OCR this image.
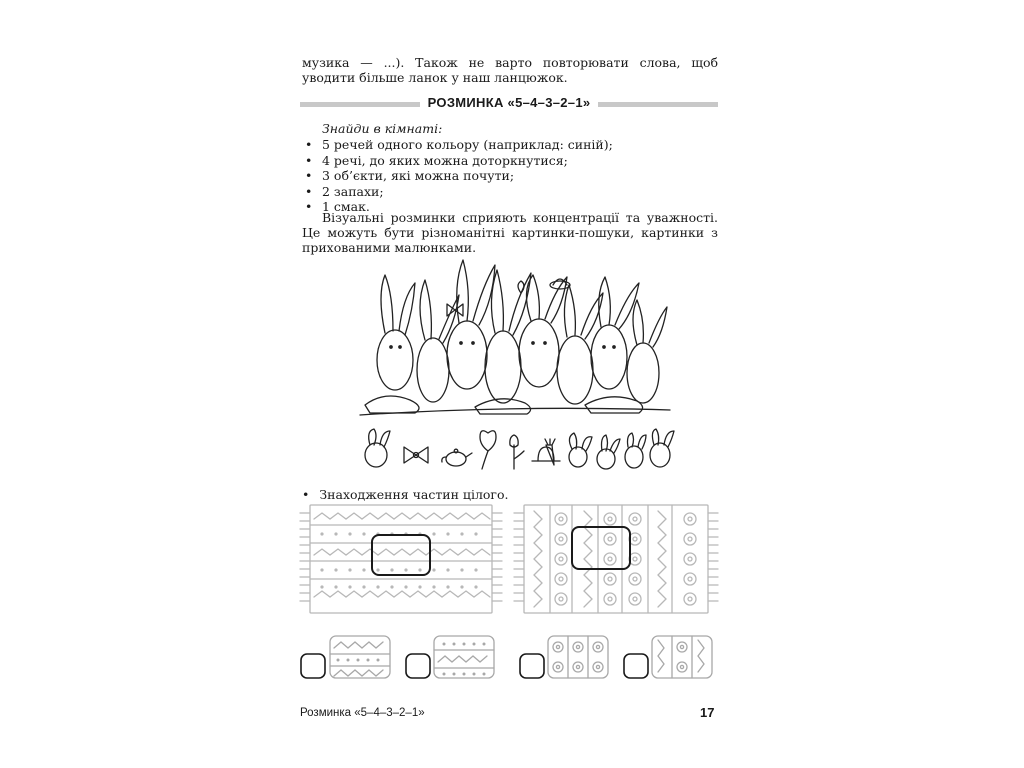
музика — ...). Також не варто повторювати слова, щоб уводити більше ланок у наш ланцюжок.
РОЗМИНКА «5–4–3–2–1»
Знайди в кімнаті:
• 5 речей одного кольору (наприклад: синій);
• 4 речі, до яких можна доторкнутися;
• 3 об’єкти, які можна почути;
• 2 запахи;
• 1 смак.
Візуальні розминки сприяють концентрації та уважності. Це можуть бути різноманітні картинки-пошуки, картинки з прихованими малюнками.
• Знаходження частин цілого.
Розминка «5–4–3–2–1»	17
